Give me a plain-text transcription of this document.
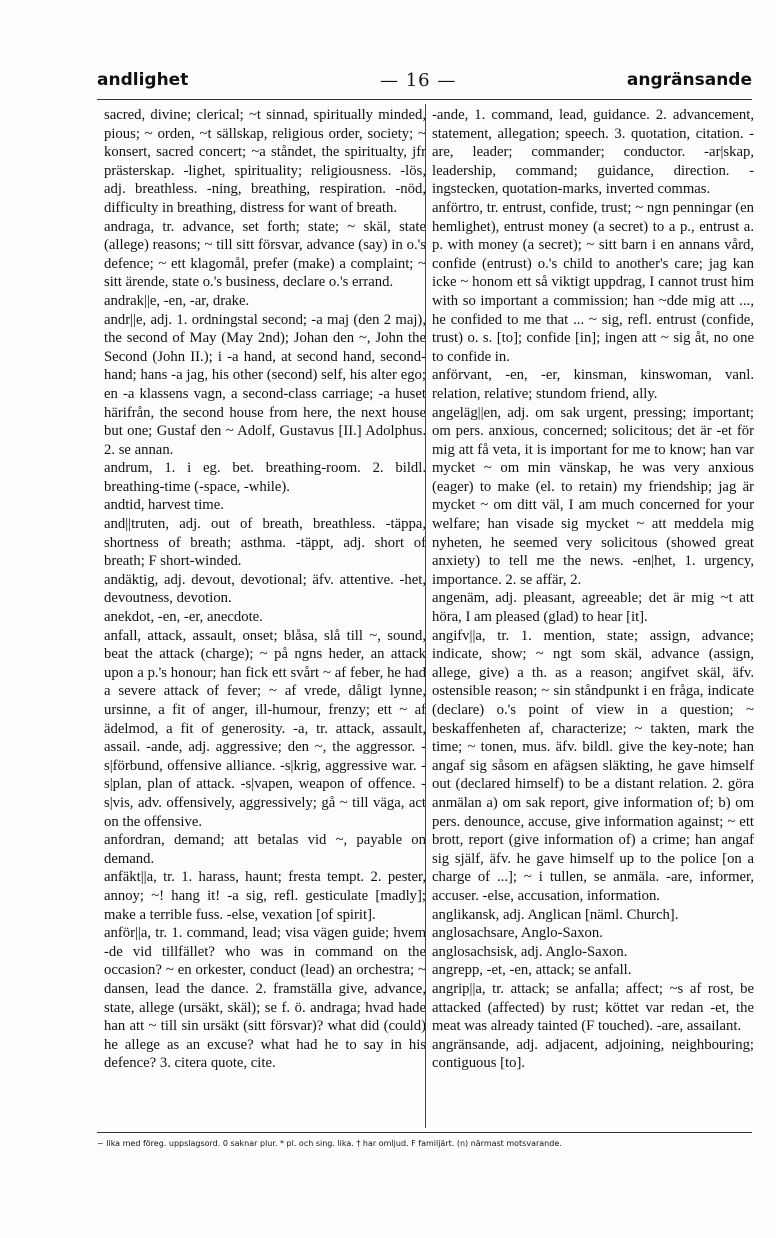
andlighet	— 16 —	angränsande

sacred, divine; clerical; ~t sinnad, spiritually minded, pious; ~ orden, ~t sällskap, religious order, society; ~ konsert, sacred concert; ~a ståndet, the spiritualty, jfr prästerskap. -lighet, spirituality; religiousness. -lös, adj. breathless. -ning, breathing, respiration. -nöd, difficulty in breathing, distress for want of breath.

andraga, tr. advance, set forth; state; ~ skäl, state (allege) reasons; ~ till sitt försvar, advance (say) in o.'s defence; ~ ett klagomål, prefer (make) a complaint; ~ sitt ärende, state o.'s business, declare o.'s errand.

andrak||e, -en, -ar, drake.

andr||e, adj. 1. ordningstal second; -a maj (den 2 maj), the second of May (May 2nd); Johan den ~, John the Second (John II.); i -a hand, at second hand, second-hand; hans -a jag, his other (second) self, his alter ego; en -a klassens vagn, a second-class carriage; -a huset härifrån, the second house from here, the next house but one; Gustaf den ~ Adolf, Gustavus [II.] Adolphus. 2. se annan.

andrum, 1. i eg. bet. breathing-room. 2. bildl. breathing-time (-space, -while).

andtid, harvest time.

and||truten, adj. out of breath, breathless. -täppa, shortness of breath; asthma. -täppt, adj. short of breath; F short-winded.

andäktig, adj. devout, devotional; äfv. attentive. -het, devoutness, devotion.

anekdot, -en, -er, anecdote.

anfall, attack, assault, onset; blåsa, slå till ~, sound, beat the attack (charge); ~ på ngns heder, an attack upon a p.'s honour; han fick ett svårt ~ af feber, he had a severe attack of fever; ~ af vrede, dåligt lynne, ursinne, a fit of anger, ill-humour, frenzy; ett ~ af ädelmod, a fit of generosity. -a, tr. attack, assault, assail. -ande, adj. aggressive; den ~, the aggressor. -s|förbund, offensive alliance. -s|krig, aggressive war. -s|plan, plan of attack. -s|vapen, weapon of offence. -s|vis, adv. offensively, aggressively; gå ~ till väga, act on the offensive.

anfordran, demand; att betalas vid ~, payable on demand.

anfäkt||a, tr. 1. harass, haunt; fresta tempt. 2. pester, annoy; ~! hang it! -a sig, refl. gesticulate [madly]; make a terrible fuss. -else, vexation [of spirit].

anför||a, tr. 1. command, lead; visa vägen guide; hvem -de vid tillfället? who was in command on the occasion? ~ en orkester, conduct (lead) an orchestra; ~ dansen, lead the dance. 2. framställa give, advance, state, allege (ursäkt, skäl); se f. ö. andraga; hvad hade han att ~ till sin ursäkt (sitt försvar)? what did (could) he allege as an excuse? what had he to say in his defence? 3. citera quote, cite.

-ande, 1. command, lead, guidance. 2. advancement, statement, allegation; speech. 3. quotation, citation. -are, leader; commander; conductor. -ar|skap, leadership, command; guidance, direction. -ingstecken, quotation-marks, inverted commas.

anförtro, tr. entrust, confide, trust; ~ ngn penningar (en hemlighet), entrust money (a secret) to a p., entrust a. p. with money (a secret); ~ sitt barn i en annans vård, confide (entrust) o.'s child to another's care; jag kan icke ~ honom ett så viktigt uppdrag, I cannot trust him with so important a commission; han ~dde mig att ..., he confided to me that ... ~ sig, refl. entrust (confide, trust) o. s. [to]; confide [in]; ingen att ~ sig åt, no one to confide in.

anförvant, -en, -er, kinsman, kinswoman, vanl. relation, relative; stundom friend, ally.

angeläg||en, adj. om sak urgent, pressing; important; om pers. anxious, concerned; solicitous; det är -et för mig att få veta, it is important for me to know; han var mycket ~ om min vänskap, he was very anxious (eager) to make (el. to retain) my friendship; jag är mycket ~ om ditt väl, I am much concerned for your welfare; han visade sig mycket ~ att meddela mig nyheten, he seemed very solicitous (showed great anxiety) to tell me the news. -en|het, 1. urgency, importance. 2. se affär, 2.

angenäm, adj. pleasant, agreeable; det är mig ~t att höra, I am pleased (glad) to hear [it].

angifv||a, tr. 1. mention, state; assign, advance; indicate, show; ~ ngt som skäl, advance (assign, allege, give) a th. as a reason; angifvet skäl, äfv. ostensible reason; ~ sin ståndpunkt i en fråga, indicate (declare) o.'s point of view in a question; ~ beskaffenheten af, characterize; ~ takten, mark the time; ~ tonen, mus. äfv. bildl. give the key-note; han angaf sig såsom en afägsen släkting, he gave himself out (declared himself) to be a distant relation. 2. göra anmälan a) om sak report, give information of; b) om pers. denounce, accuse, give information against; ~ ett brott, report (give information of) a crime; han angaf sig själf, äfv. he gave himself up to the police [on a charge of ...]; ~ i tullen, se anmäla. -are, informer, accuser. -else, accusation, information.

anglikansk, adj. Anglican [näml. Church].

anglosachsare, Anglo-Saxon.

anglosachsisk, adj. Anglo-Saxon.

angrepp, -et, -en, attack; se anfall.

angrip||a, tr. attack; se anfalla; affect; ~s af rost, be attacked (affected) by rust; köttet var redan -et, the meat was already tainted (F touched). -are, assailant.

angränsande, adj. adjacent, adjoining, neighbouring; contiguous [to].

~ lika med föreg. uppslagsord. 0 saknar plur. * pl. och sing. lika. † har omljud. F familjärt. (n) närmast motsvarande.
